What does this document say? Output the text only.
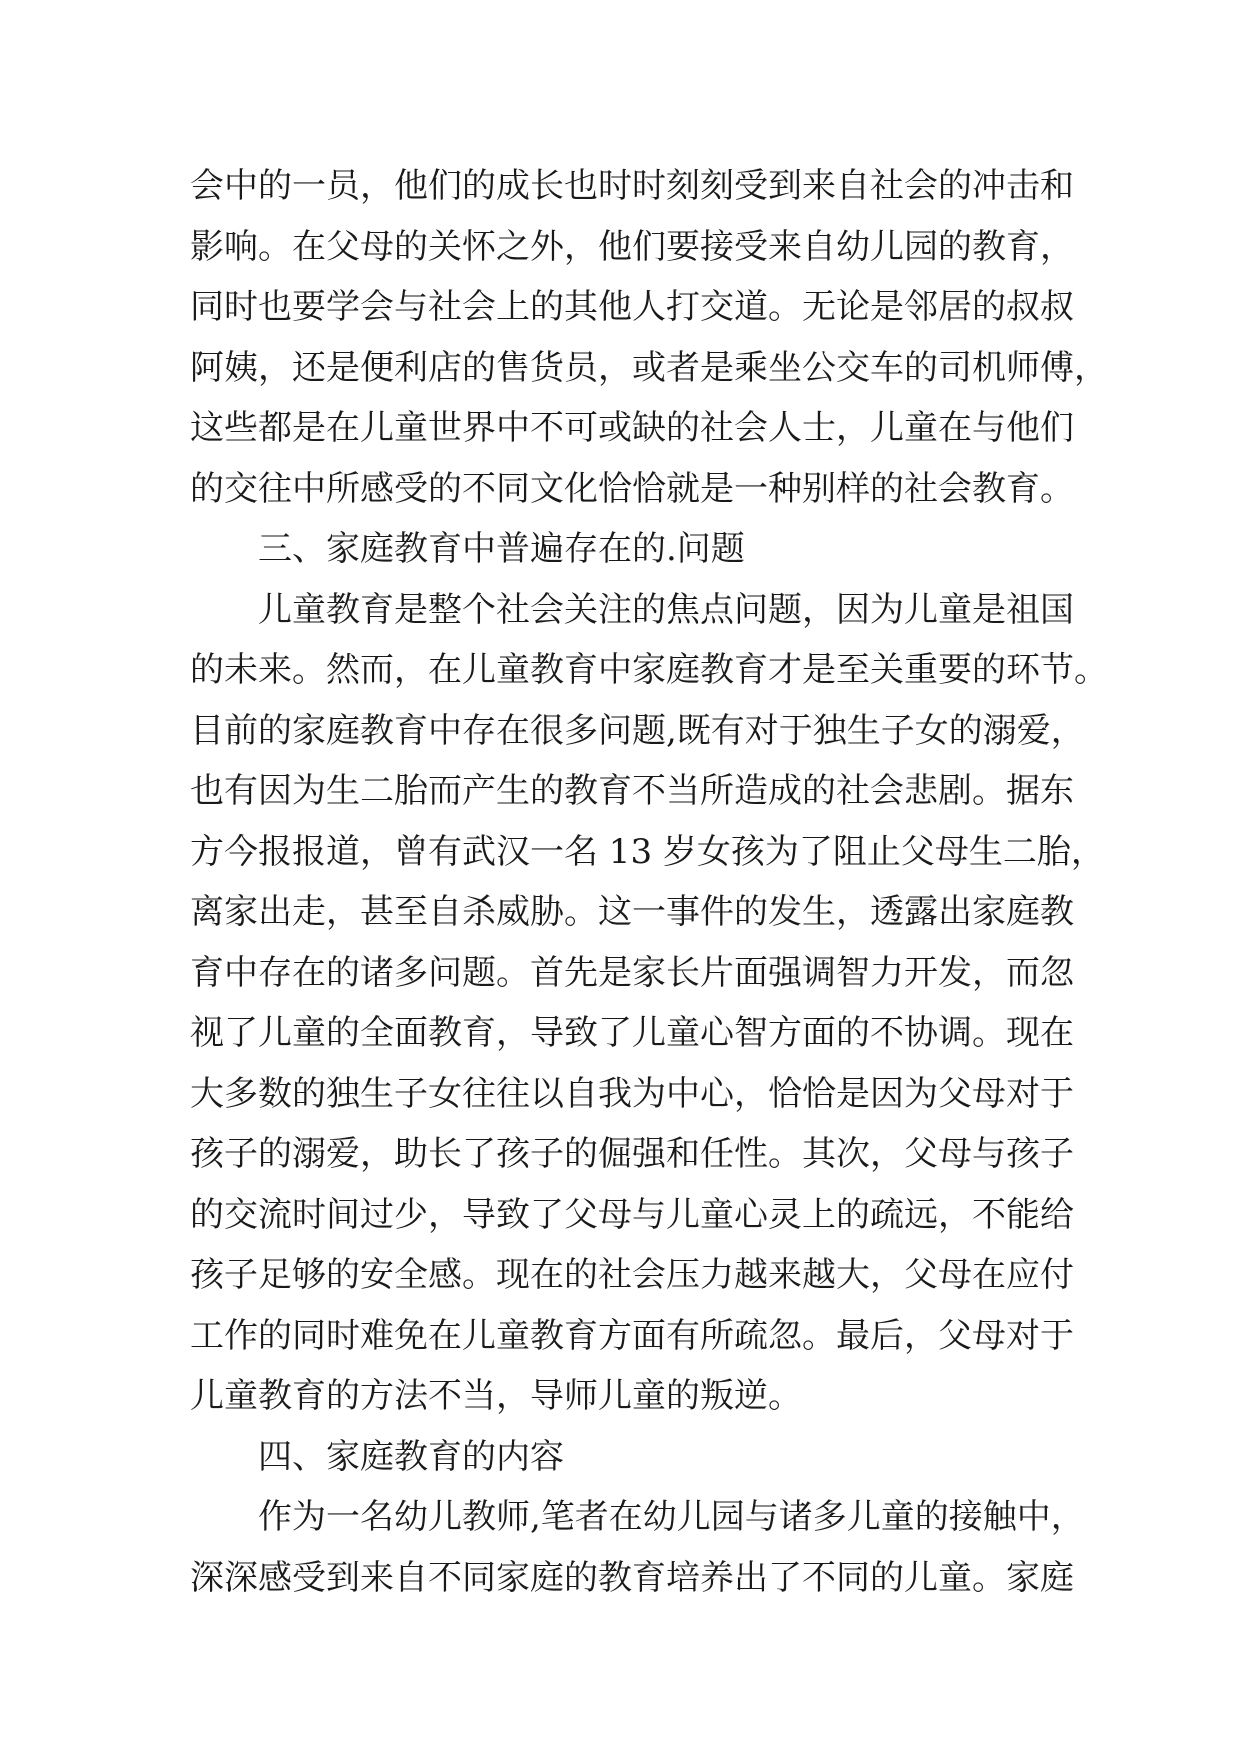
会中的一员，他们的成长也时时刻刻受到来自社会的冲击和
影响。在父母的关怀之外，他们要接受来自幼儿园的教育，
同时也要学会与社会上的其他人打交道。无论是邻居的叔叔
阿姨，还是便利店的售货员，或者是乘坐公交车的司机师傅，
这些都是在儿童世界中不可或缺的社会人士，儿童在与他们
的交往中所感受的不同文化恰恰就是一种别样的社会教育。
三、家庭教育中普遍存在的.问题
儿童教育是整个社会关注的焦点问题，因为儿童是祖国
的未来。然而，在儿童教育中家庭教育才是至关重要的环节。
目前的家庭教育中存在很多问题,既有对于独生子女的溺爱，
也有因为生二胎而产生的教育不当所造成的社会悲剧。据东
方今报报道，曾有武汉一名 13 岁女孩为了阻止父母生二胎，
离家出走，甚至自杀威胁。这一事件的发生，透露出家庭教
育中存在的诸多问题。首先是家长片面强调智力开发，而忽
视了儿童的全面教育，导致了儿童心智方面的不协调。现在
大多数的独生子女往往以自我为中心，恰恰是因为父母对于
孩子的溺爱，助长了孩子的倔强和任性。其次，父母与孩子
的交流时间过少，导致了父母与儿童心灵上的疏远，不能给
孩子足够的安全感。现在的社会压力越来越大，父母在应付
工作的同时难免在儿童教育方面有所疏忽。最后，父母对于
儿童教育的方法不当，导师儿童的叛逆。
四、家庭教育的内容
作为一名幼儿教师,笔者在幼儿园与诸多儿童的接触中，
深深感受到来自不同家庭的教育培养出了不同的儿童。家庭
